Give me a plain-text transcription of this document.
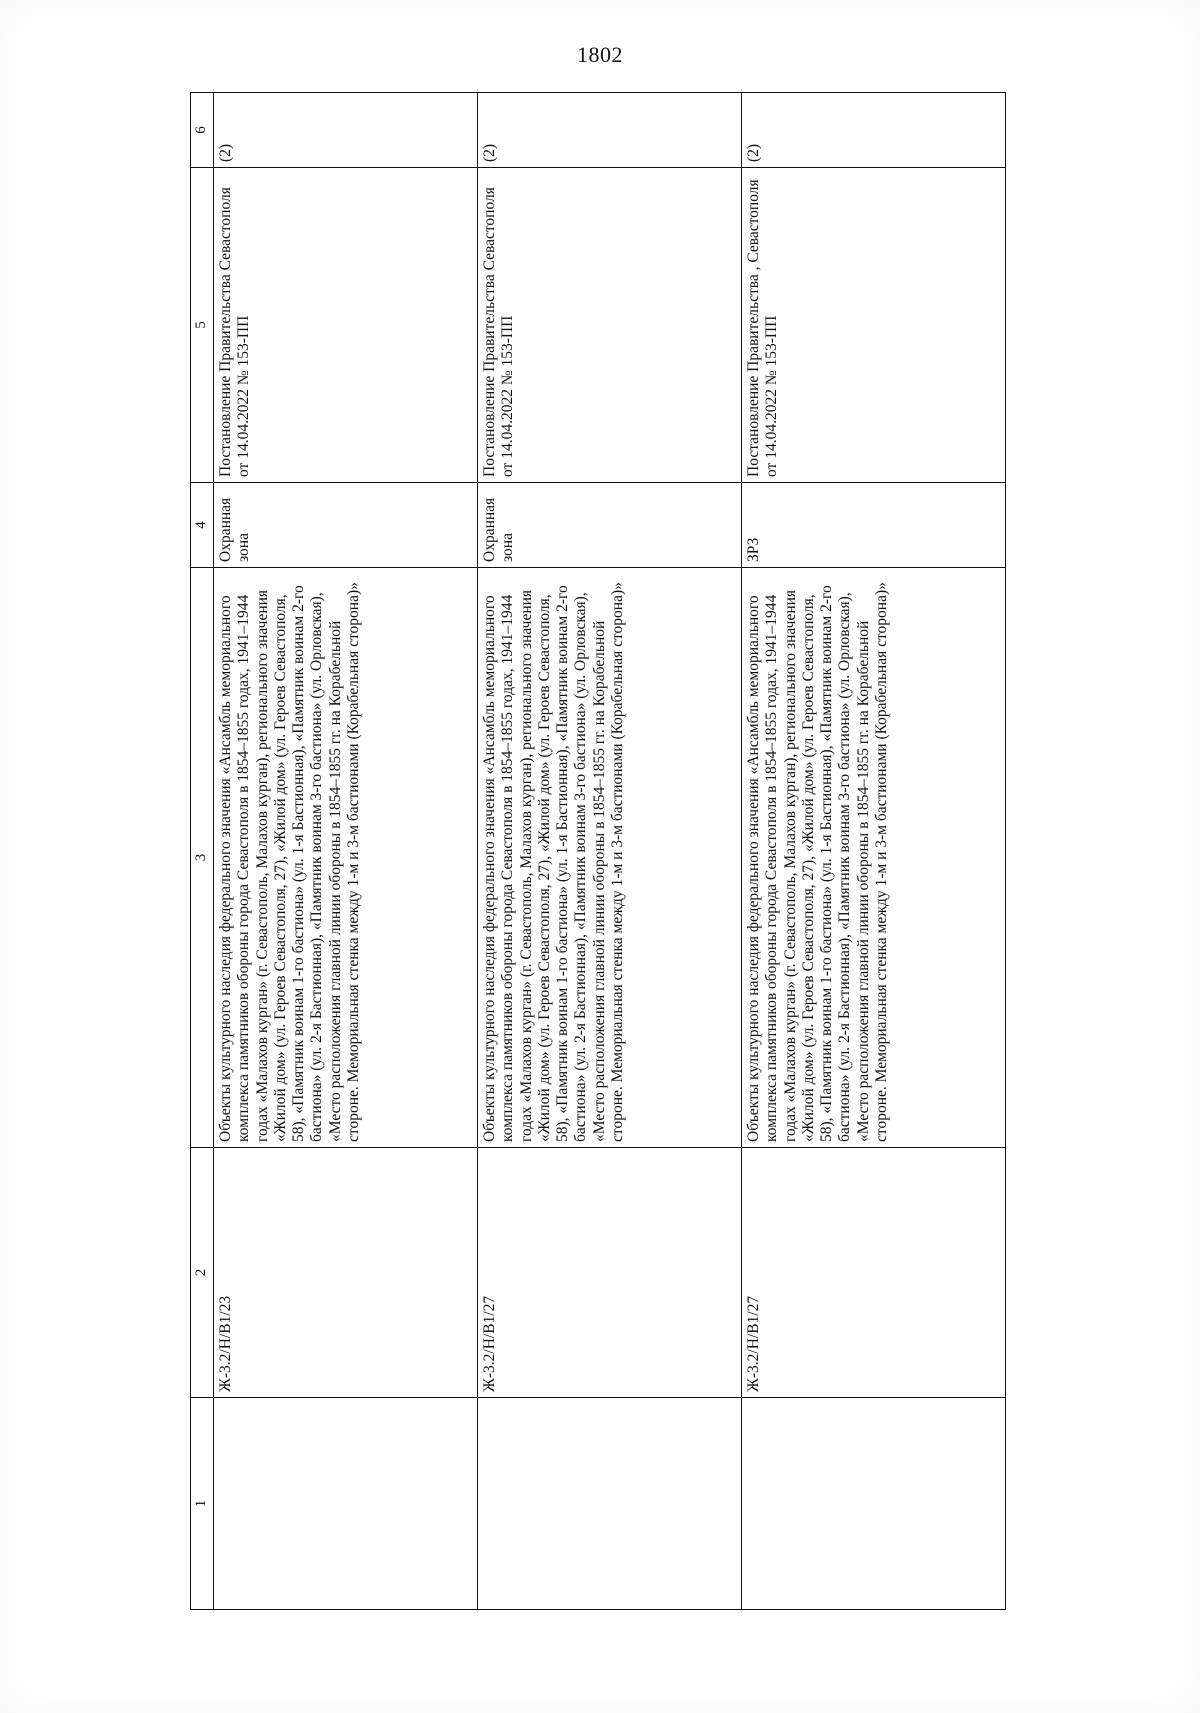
1802
1	2	3	4	5	6
	Ж-3.2/Н/В1/23	Объекты культурного наследия федерального значения «Ансамбль мемориального комплекса памятников обороны города Севастополя в 1854–1855 годах, 1941–1944 годах «Малахов курган» (г. Севастополь, Малахов курган), регионального значения «Жилой дом» (ул. Героев Севастополя, 27), «Жилой дом» (ул. Героев Севастополя, 58), «Памятник воинам 1-го бастиона» (ул. 1-я Бастионная), «Памятник воинам 2-го бастиона» (ул. 2-я Бастионная), «Памятник воинам 3-го бастиона» (ул. Орловская), «Место расположения главной линии обороны в 1854–1855 гг. на Корабельной стороне. Мемориальная стенка между 1-м и 3-м бастионами (Корабельная сторона)»	Охранная зона	Постановление Правительства Севастополя от 14.04.2022 № 153-ПП	(2)
	Ж-3.2/Н/В1/27	Объекты культурного наследия федерального значения «Ансамбль мемориального комплекса памятников обороны города Севастополя в 1854–1855 годах, 1941–1944 годах «Малахов курган» (г. Севастополь, Малахов курган), регионального значения «Жилой дом» (ул. Героев Севастополя, 27), «Жилой дом» (ул. Героев Севастополя, 58), «Памятник воинам 1-го бастиона» (ул. 1-я Бастионная), «Памятник воинам 2-го бастиона» (ул. 2-я Бастионная), «Памятник воинам 3-го бастиона» (ул. Орловская), «Место расположения главной линии обороны в 1854–1855 гг. на Корабельной стороне. Мемориальная стенка между 1-м и 3-м бастионами (Корабельная сторона)»	Охранная зона	Постановление Правительства Севастополя от 14.04.2022 № 153-ПП	(2)
	Ж-3.2/Н/В1/27	Объекты культурного наследия федерального значения «Ансамбль мемориального комплекса памятников обороны города Севастополя в 1854–1855 годах, 1941–1944 годах «Малахов курган» (г. Севастополь, Малахов курган), регионального значения «Жилой дом» (ул. Героев Севастополя, 27), «Жилой дом» (ул. Героев Севастополя, 58), «Памятник воинам 1-го бастиона» (ул. 1-я Бастионная), «Памятник воинам 2-го бастиона» (ул. 2-я Бастионная), «Памятник воинам 3-го бастиона» (ул. Орловская), «Место расположения главной линии обороны в 1854–1855 гг. на Корабельной стороне. Мемориальная стенка между 1-м и 3-м бастионами (Корабельная сторона)»	ЗРЗ	Постановление Правительства , Севастополя от 14.04.2022 № 153-ПП	(2)
